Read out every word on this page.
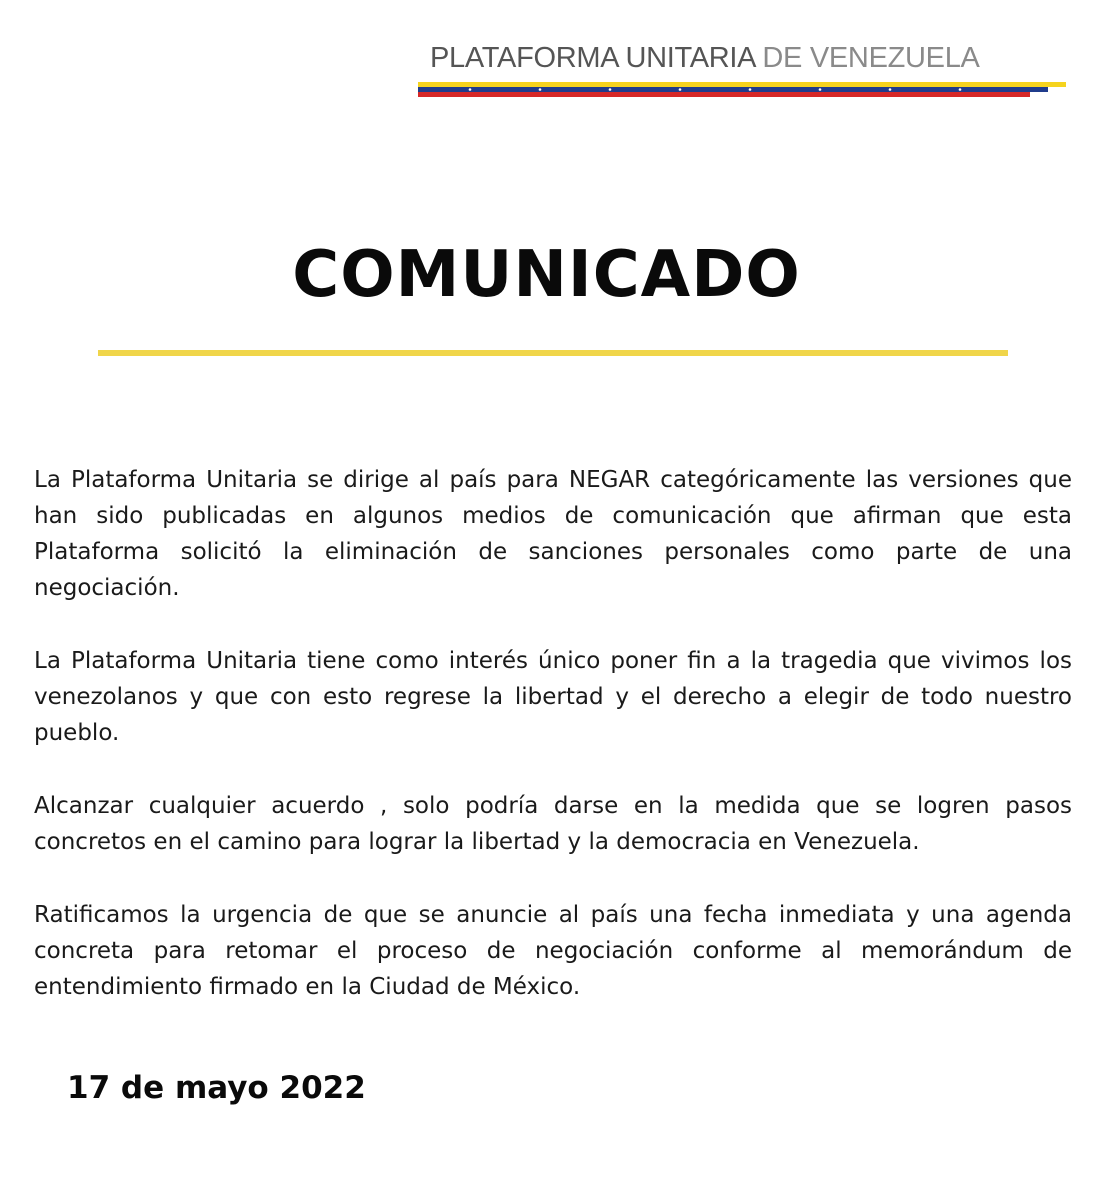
PLATAFORMA UNITARIA DE VENEZUELA
COMUNICADO

La Plataforma Unitaria se dirige al país para NEGAR categóricamente las versiones que han sido publicadas en algunos medios de comunicación que afirman que esta Plataforma solicitó la eliminación de sanciones personales como parte de una negociación.

La Plataforma Unitaria tiene como interés único poner fin a la tragedia que vivimos los venezolanos y que con esto regrese la libertad y el derecho a elegir de todo nuestro pueblo.

Alcanzar cualquier acuerdo , solo podría darse en la medida que se logren pasos concretos en el camino para lograr la libertad y la democracia en Venezuela.

Ratificamos la urgencia de que se anuncie al país una fecha inmediata y una agenda concreta para retomar el proceso de negociación conforme al memorándum de entendimiento firmado en la Ciudad de México.

17 de mayo 2022
